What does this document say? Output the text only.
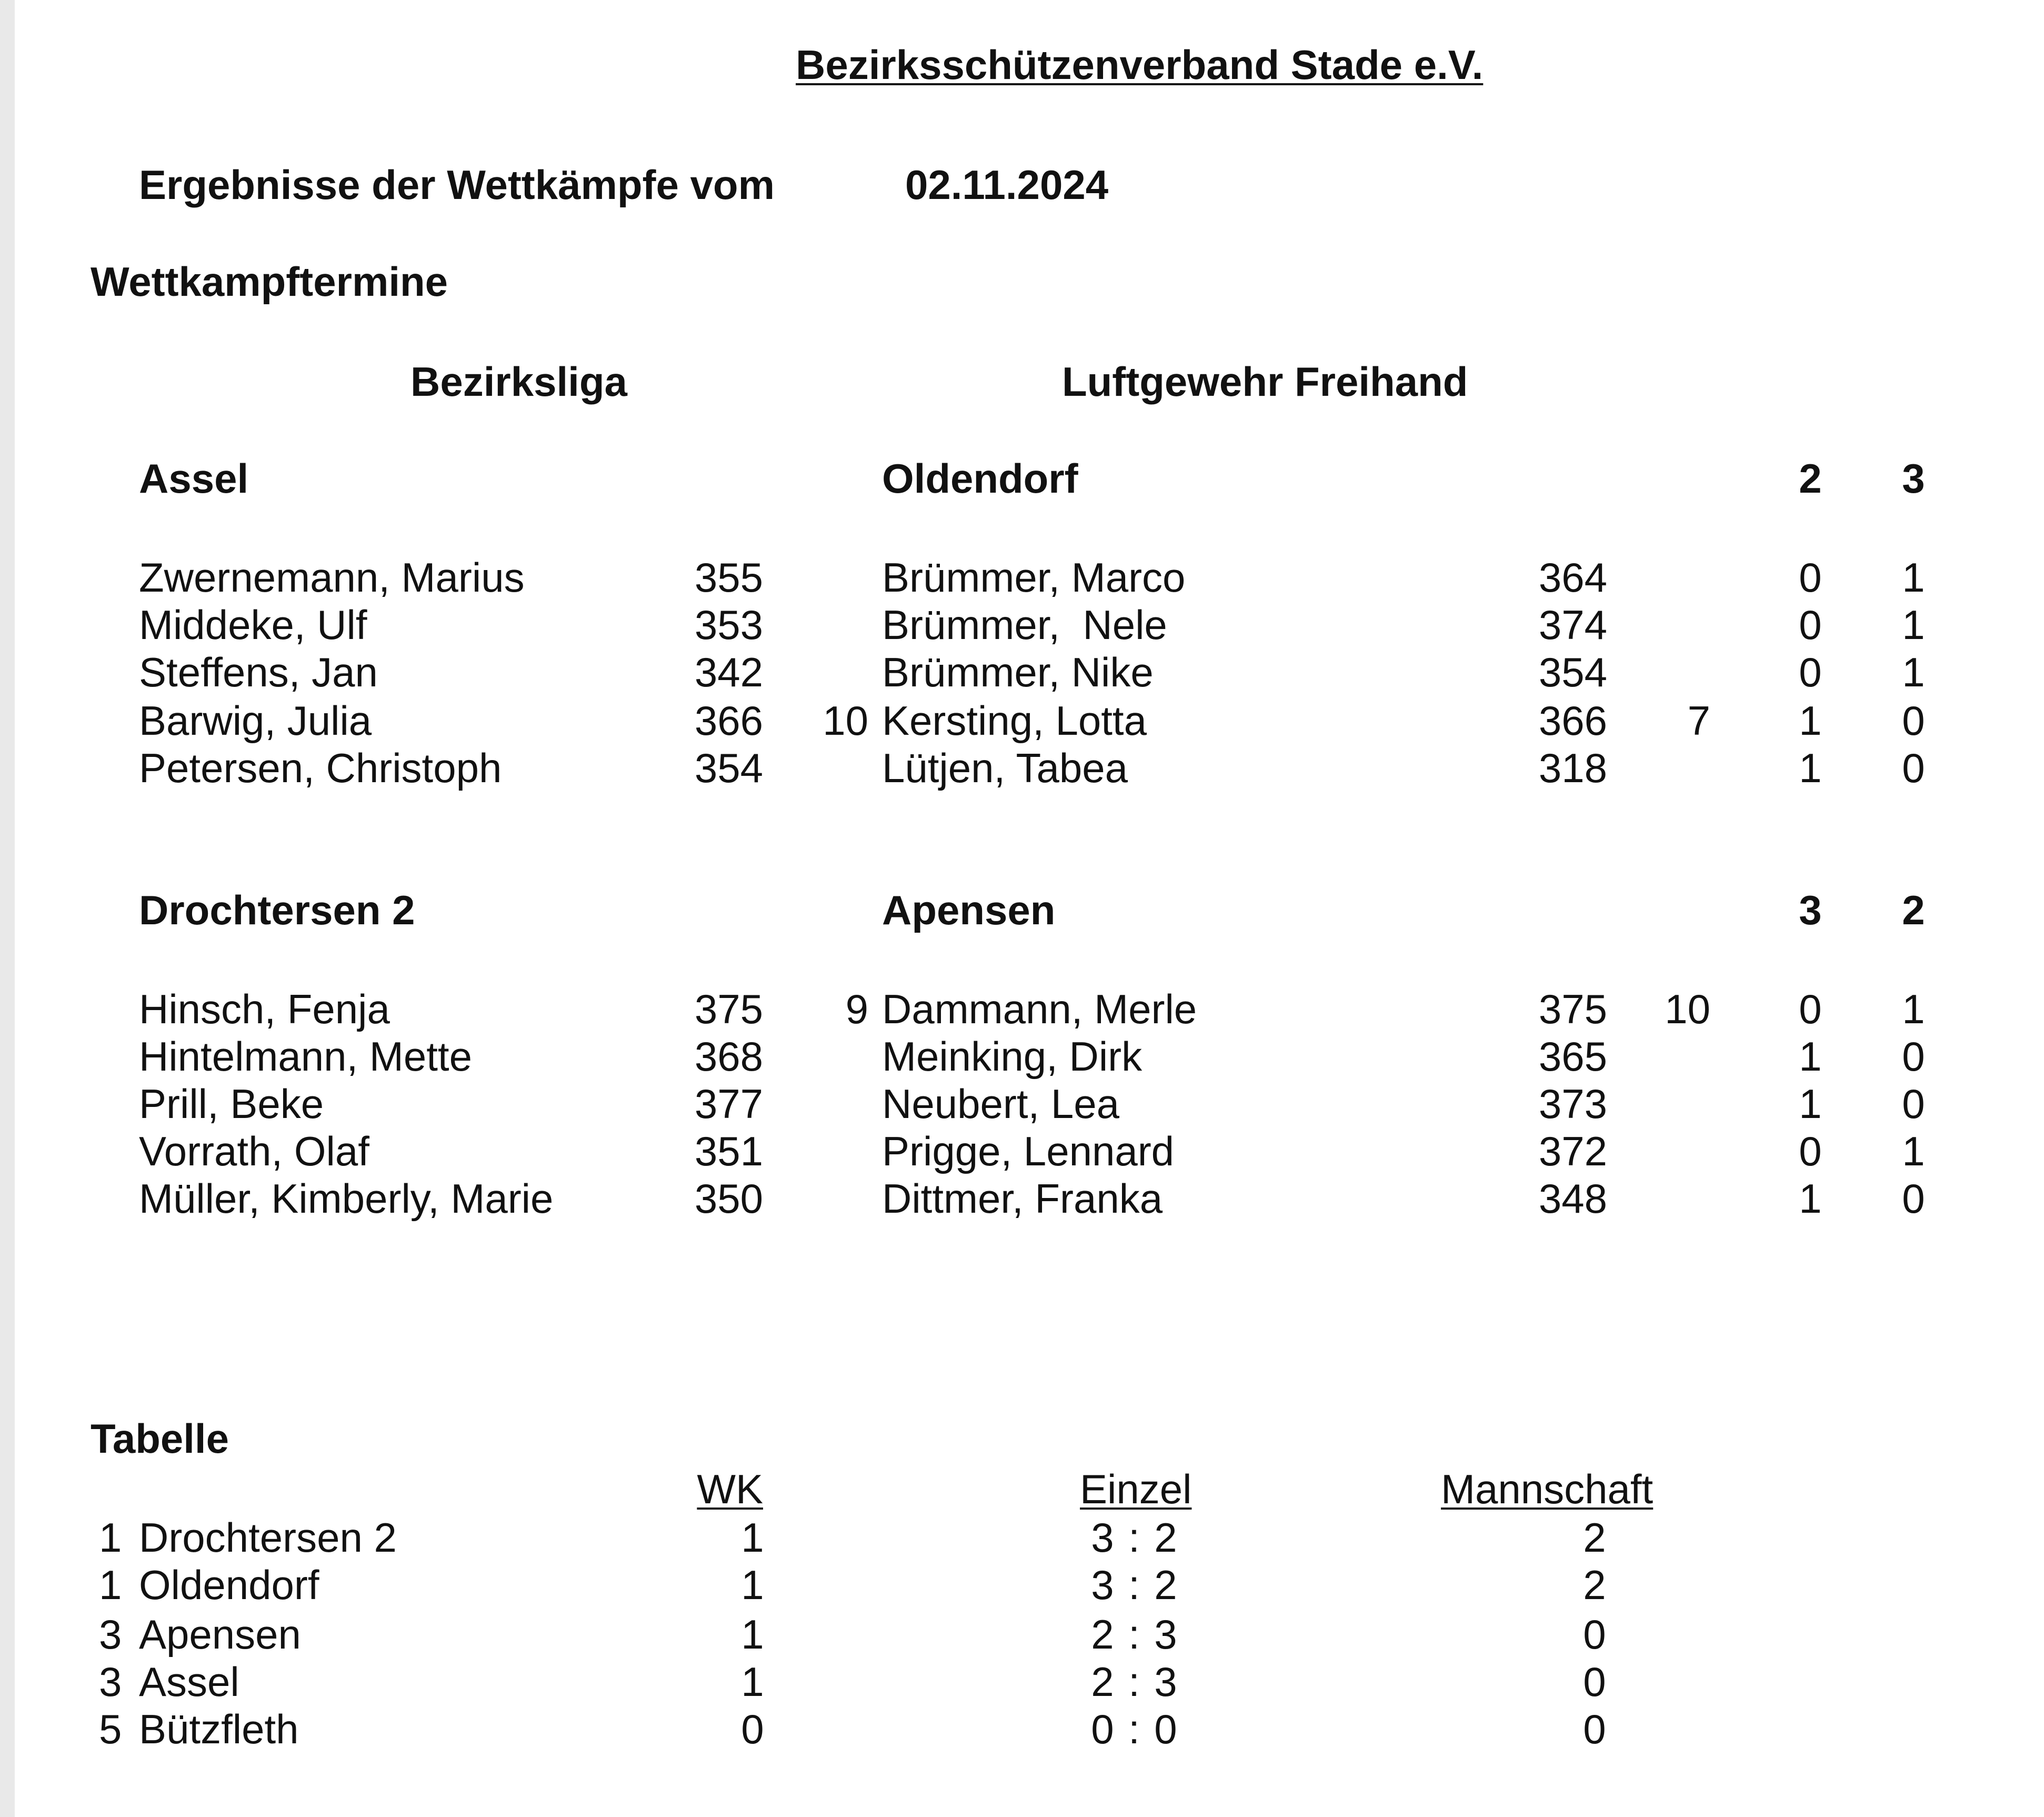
Bezirksschützenverband Stade e.V.
Ergebnisse der Wettkämpfe vom	02.11.2024
Wettkampftermine
Bezirksliga	Luftgewehr Freihand
Assel	Oldendorf	2 3
Zwernemann, Marius	355	Brümmer, Marco	364	0 1
Middeke, Ulf	353	Brümmer,  Nele	374	0 1
Steffens, Jan	342	Brümmer, Nike	354	0 1
Barwig, Julia	366	10 Kersting, Lotta	366	7 1 0
Petersen, Christoph	354	Lütjen, Tabea	318	1 0
Drochtersen 2	Apensen	3 2
Hinsch, Fenja	375	9 Dammann, Merle	375	10 0 1
Hintelmann, Mette	368	Meinking, Dirk	365	1 0
Prill, Beke	377	Neubert, Lea	373	1 0
Vorrath, Olaf	351	Prigge, Lennard	372	0 1
Müller, Kimberly, Marie	350	Dittmer, Franka	348	1 0
Tabelle
WK	Einzel	Mannschaft
1 Drochtersen 2	1	3 : 2	2
1 Oldendorf	1	3 : 2	2
3 Apensen	1	2 : 3	0
3 Assel	1	2 : 3	0
5 Bützfleth	0	0 : 0	0
